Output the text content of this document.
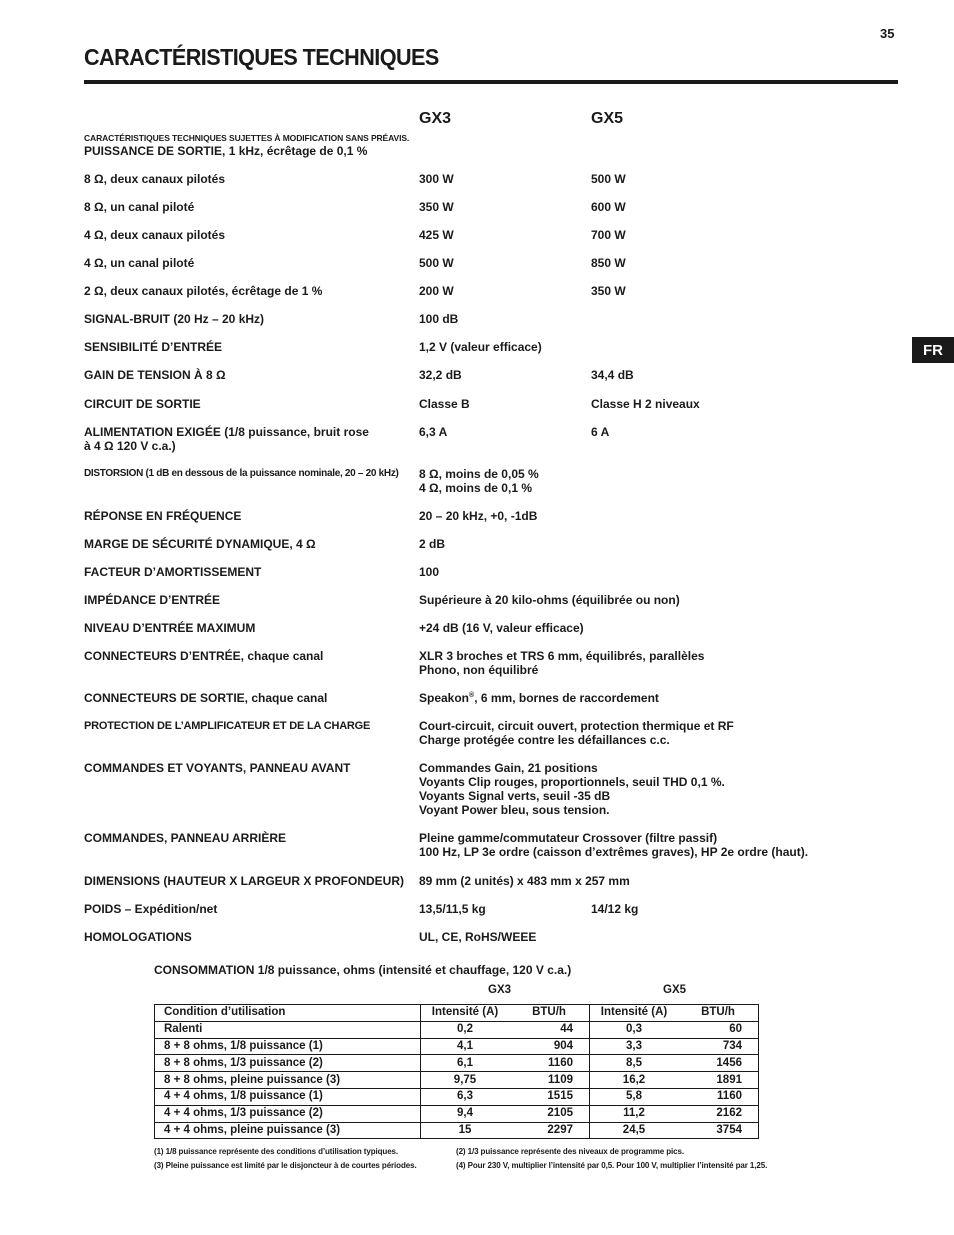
35
CARACTÉRISTIQUES TECHNIQUES
FR
GX3	GX5
CARACTÉRISTIQUES TECHNIQUES SUJETTES À MODIFICATION SANS PRÉAVIS.
PUISSANCE DE SORTIE, 1 kHz, écrêtage de 0,1 %
8 Ω, deux canaux pilotés	300 W	500 W
8 Ω, un canal piloté	350 W	600 W
4 Ω, deux canaux pilotés	425 W	700 W
4 Ω, un canal piloté	500 W	850 W
2 Ω, deux canaux pilotés, écrêtage de 1 %	200 W	350 W
SIGNAL-BRUIT (20 Hz – 20 kHz)	100 dB
SENSIBILITÉ D’ENTRÉE	1,2 V (valeur efficace)
GAIN DE TENSION À 8 Ω	32,2 dB	34,4 dB
CIRCUIT DE SORTIE	Classe B	Classe H 2 niveaux
ALIMENTATION EXIGÉE (1/8 puissance, bruit rose
à 4 Ω 120 V c.a.)
6,3 A	6 A
DISTORSION (1 dB en dessous de la puissance nominale, 20 – 20 kHz)	8 Ω, moins de 0,05 %
4 Ω, moins de 0,1 %
RÉPONSE EN FRÉQUENCE	20 – 20 kHz, +0, -1dB
MARGE DE SÉCURITÉ DYNAMIQUE, 4 Ω	2 dB
FACTEUR D’AMORTISSEMENT	100
IMPÉDANCE D’ENTRÉE	Supérieure à 20 kilo-ohms (équilibrée ou non)
NIVEAU D’ENTRÉE MAXIMUM	+24 dB (16 V, valeur efficace)
CONNECTEURS D’ENTRÉE, chaque canal	XLR 3 broches et TRS 6 mm, équilibrés, parallèles
Phono, non équilibré
CONNECTEURS DE SORTIE, chaque canal	Speakon®, 6 mm, bornes de raccordement
PROTECTION DE L’AMPLIFICATEUR ET DE LA CHARGE	Court-circuit, circuit ouvert, protection thermique et RF
Charge protégée contre les défaillances c.c.
COMMANDES ET VOYANTS, PANNEAU AVANT	Commandes Gain, 21 positions
Voyants Clip rouges, proportionnels, seuil THD 0,1 %.
Voyants Signal verts, seuil -35 dB
Voyant Power bleu, sous tension.
COMMANDES, PANNEAU ARRIÈRE	Pleine gamme/commutateur Crossover (filtre passif)
100 Hz, LP 3e ordre (caisson d’extrêmes graves), HP 2e ordre (haut).
DIMENSIONS (HAUTEUR X LARGEUR X PROFONDEUR) 89 mm (2 unités) x 483 mm x 257 mm
POIDS – Expédition/net	13,5/11,5 kg	14/12 kg
HOMOLOGATIONS	UL, CE, RoHS/WEEE
CONSOMMATION 1/8 puissance, ohms (intensité et chauffage, 120 V c.a.)
GX3	GX5
Condition d’utilisation	Intensité (A)	BTU/h	Intensité (A)	BTU/h
Ralenti	0,2	44	0,3	60
8 + 8 ohms, 1/8 puissance (1)	4,1	904	3,3	734
8 + 8 ohms, 1/3 puissance (2)	6,1	1160	8,5	1456
8 + 8 ohms, pleine puissance (3)	9,75	1109	16,2	1891
4 + 4 ohms, 1/8 puissance (1)	6,3	1515	5,8	1160
4 + 4 ohms, 1/3 puissance (2)	9,4	2105	11,2	2162
4 + 4 ohms, pleine puissance (3)	15	2297	24,5	3754
(1) 1/8 puissance représente des conditions d’utilisation typiques.	(2) 1/3 puissance représente des niveaux de programme pics.
(3) Pleine puissance est limité par le disjoncteur à de courtes périodes.	(4) Pour 230 V, multiplier l’intensité par 0,5. Pour 100 V, multiplier l’intensité par 1,25.
